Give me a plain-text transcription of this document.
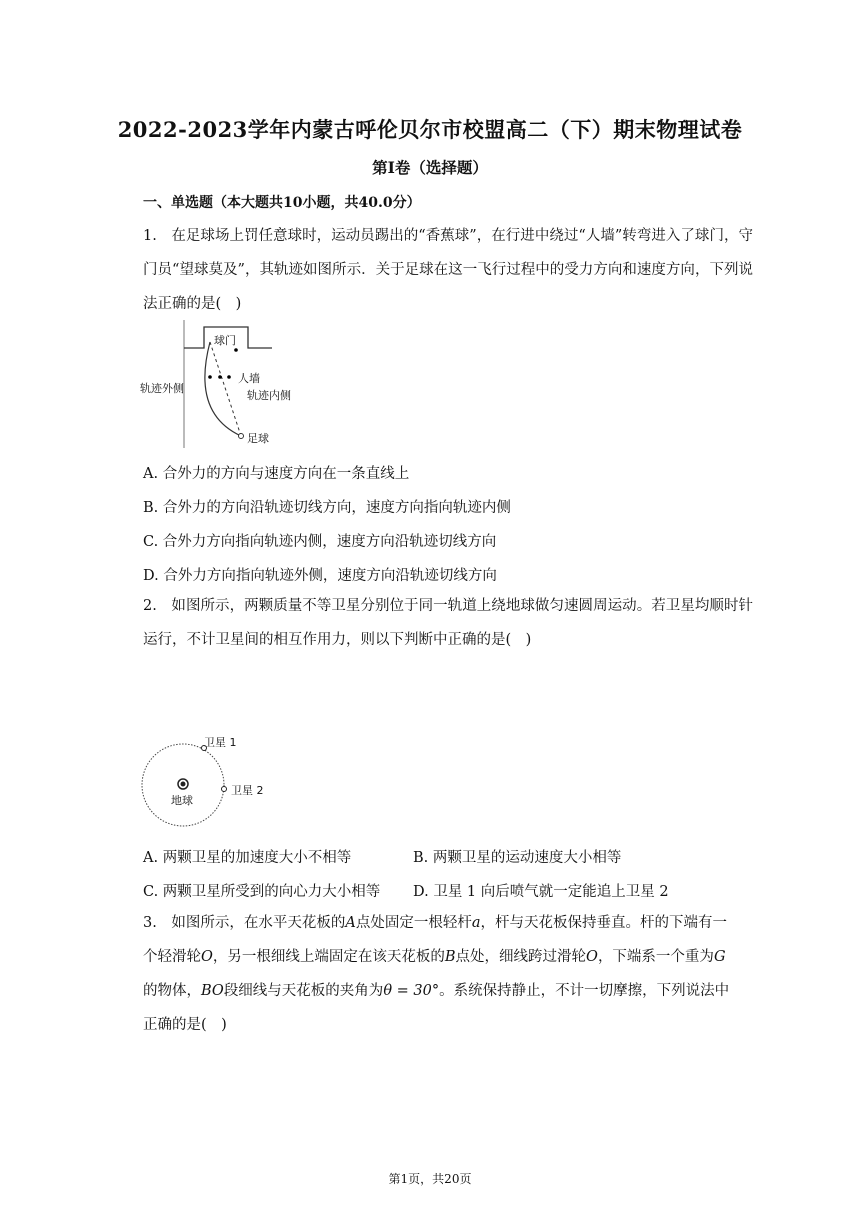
2022-2023学年内蒙古呼伦贝尔市校盟高二（下）期末物理试卷
第I卷（选择题）
一、单选题（本大题共10小题，共40.0分）
1.　在足球场上罚任意球时，运动员踢出的“香蕉球”，在行进中绕过“人墙”转弯进入了球门，守门员“望球莫及”，其轨迹如图所示．关于足球在这一飞行过程中的受力方向和速度方向，下列说法正确的是(　)
球门
轨迹外侧
人墙
轨迹内侧
足球
A. 合外力的方向与速度方向在一条直线上
B. 合外力的方向沿轨迹切线方向，速度方向指向轨迹内侧
C. 合外力方向指向轨迹内侧，速度方向沿轨迹切线方向
D. 合外力方向指向轨迹外侧，速度方向沿轨迹切线方向
2.　如图所示，两颗质量不等卫星分别位于同一轨道上绕地球做匀速圆周运动。若卫星均顺时针运行，不计卫星间的相互作用力，则以下判断中正确的是(　)
卫星 1
卫星 2
地球
A. 两颗卫星的加速度大小不相等	B. 两颗卫星的运动速度大小相等
C. 两颗卫星所受到的向心力大小相等 D. 卫星 1 向后喷气就一定能追上卫星 2
3.　如图所示，在水平天花板的A点处固定一根轻杆a，杆与天花板保持垂直。杆的下端有一
个轻滑轮O，另一根细线上端固定在该天花板的B点处，细线跨过滑轮O，下端系一个重为G
的物体，BO段细线与天花板的夹角为θ = 30°。系统保持静止，不计一切摩擦，下列说法中
正确的是(　)
第1页，共20页
